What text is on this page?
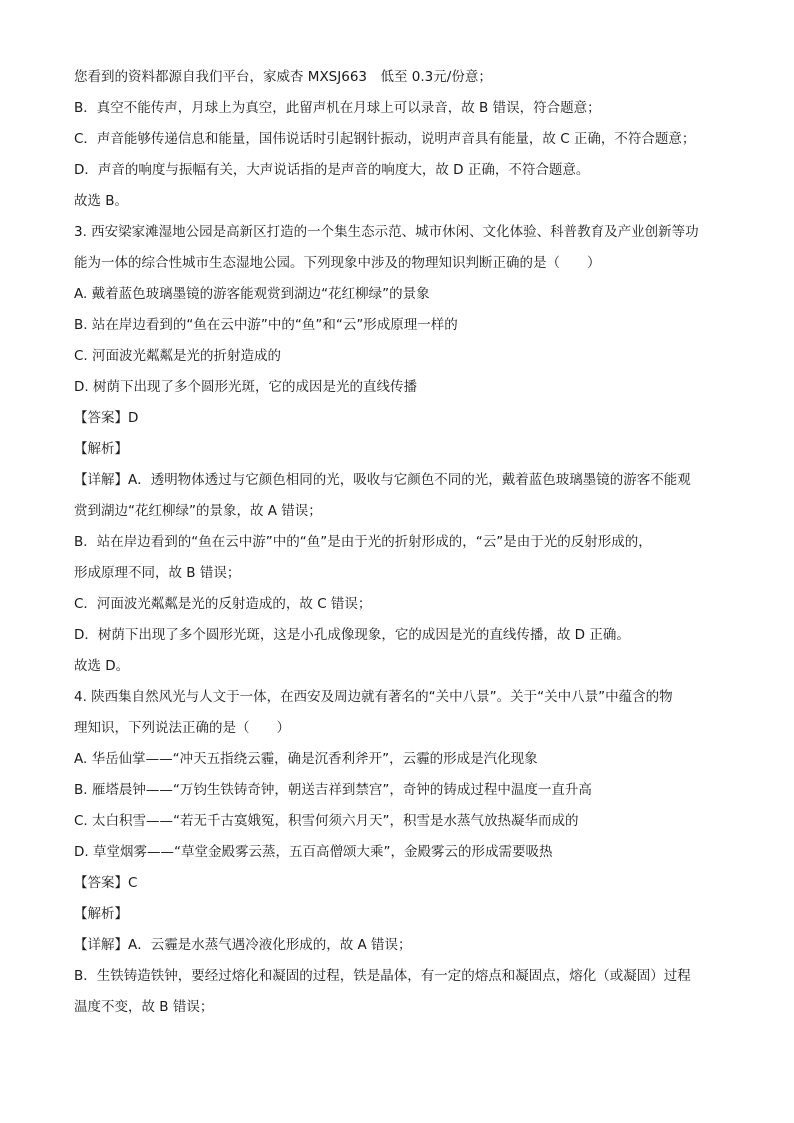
您看到的资料都源自我们平台，家威杏 MXSJ663　低至 0.3元/份意；
B．真空不能传声，月球上为真空，此留声机在月球上可以录音，故 B 错误，符合题意；
C．声音能够传递信息和能量，国伟说话时引起钢针振动，说明声音具有能量，故 C 正确，不符合题意；
D．声音的响度与振幅有关，大声说话指的是声音的响度大，故 D 正确，不符合题意。
故选 B。
3. 西安梁家滩湿地公园是高新区打造的一个集生态示范、城市休闲、文化体验、科普教育及产业创新等功
能为一体的综合性城市生态湿地公园。下列现象中涉及的物理知识判断正确的是（　　）
A. 戴着蓝色玻璃墨镜的游客能观赏到湖边“花红柳绿”的景象
B. 站在岸边看到的“鱼在云中游”中的“鱼”和“云”形成原理一样的
C. 河面波光粼粼是光的折射造成的
D. 树荫下出现了多个圆形光斑，它的成因是光的直线传播
【答案】D
【解析】
【详解】A．透明物体透过与它颜色相同的光，吸收与它颜色不同的光，戴着蓝色玻璃墨镜的游客不能观
赏到湖边“花红柳绿”的景象，故 A 错误；
B．站在岸边看到的“鱼在云中游”中的“鱼”是由于光的折射形成的，“云”是由于光的反射形成的，
形成原理不同，故 B 错误；
C．河面波光粼粼是光的反射造成的，故 C 错误；
D．树荫下出现了多个圆形光斑，这是小孔成像现象，它的成因是光的直线传播，故 D 正确。
故选 D。
4. 陕西集自然风光与人文于一体，在西安及周边就有著名的“关中八景”。关于“关中八景”中蕴含的物
理知识，下列说法正确的是（　　）
A. 华岳仙掌——“冲天五指绕云霾，确是沉香利斧开”，云霾的形成是汽化现象
B. 雁塔晨钟——“万钧生铁铸奇钟，朝送吉祥到禁宫”，奇钟的铸成过程中温度一直升高
C. 太白积雪——“若无千古寞娥冤，积雪何须六月天”，积雪是水蒸气放热凝华而成的
D. 草堂烟雾——“草堂金殿雾云蒸，五百高僧颂大乘”，金殿雾云的形成需要吸热
【答案】C
【解析】
【详解】A．云霾是水蒸气遇冷液化形成的，故 A 错误；
B．生铁铸造铁钟，要经过熔化和凝固的过程，铁是晶体，有一定的熔点和凝固点，熔化（或凝固）过程
温度不变，故 B 错误；
